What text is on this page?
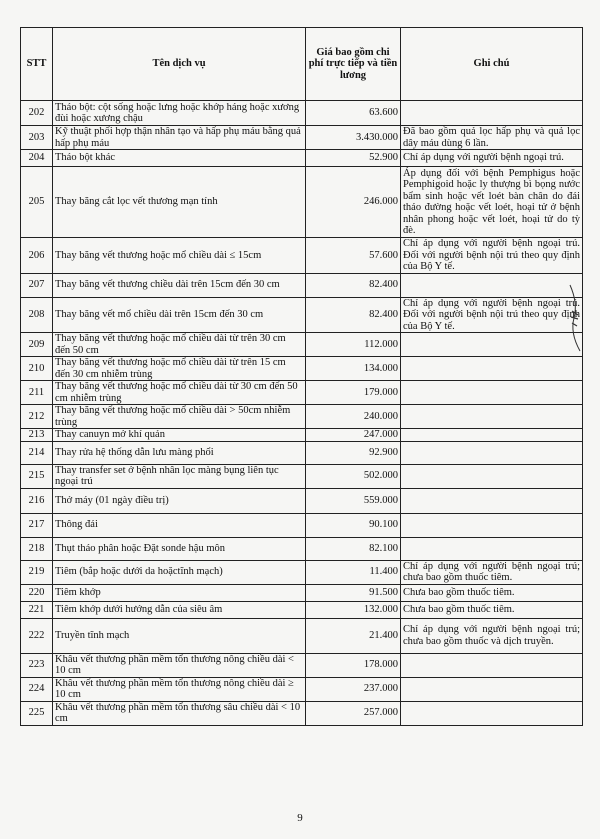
STT	Tên dịch vụ	Giá bao gồm chi phí trực tiếp và tiền lương	Ghi chú
202	Tháo bột: cột sống hoặc lưng hoặc khớp háng hoặc xương đùi hoặc xương chậu	63.600	
203	Kỹ thuật phối hợp thận nhân tạo và hấp phụ máu bằng quả hấp phụ máu	3.430.000	Đã bao gồm quả lọc hấp phụ và quả lọc dây máu dùng 6 lần.
204	Tháo bột khác	52.900	Chỉ áp dụng với người bệnh ngoại trú.
205	Thay băng cắt lọc vết thương mạn tính	246.000	Áp dụng đối với bệnh Pemphigus hoặc Pemphigoid hoặc ly thượng bì bọng nước bẩm sinh hoặc vết loét bàn chân do đái tháo đường hoặc vết loét, hoại tử ở bệnh nhân phong hoặc vết loét, hoại tử do tỳ đè.
206	Thay băng vết thương hoặc mổ chiều dài ≤ 15cm	57.600	Chỉ áp dụng với người bệnh ngoại trú. Đối với người bệnh nội trú theo quy định của Bộ Y tế.
207	Thay băng vết thương chiều dài trên 15cm đến 30 cm	82.400	
208	Thay băng vết mổ chiều dài trên 15cm đến 30 cm	82.400	Chỉ áp dụng với người bệnh ngoại trú. Đối với người bệnh nội trú theo quy định của Bộ Y tế.
209	Thay băng vết thương hoặc mổ chiều dài từ trên 30 cm đến 50 cm	112.000	
210	Thay băng vết thương hoặc mổ chiều dài từ trên 15 cm đến 30 cm nhiễm trùng	134.000	
211	Thay băng vết thương hoặc mổ chiều dài từ 30 cm đến 50 cm nhiễm trùng	179.000	
212	Thay băng vết thương hoặc mổ chiều dài > 50cm nhiễm trùng	240.000	
213	Thay canuyn mở khí quản	247.000	
214	Thay rửa hệ thống dẫn lưu màng phổi	92.900	
215	Thay transfer set ở bệnh nhân lọc màng bụng liên tục ngoại trú	502.000	
216	Thở máy (01 ngày điều trị)	559.000	
217	Thông đái	90.100	
218	Thụt tháo phân hoặc Đặt sonde hậu môn	82.100	
219	Tiêm (bắp hoặc dưới da hoặctĩnh mạch)	11.400	Chỉ áp dụng với người bệnh ngoại trú; chưa bao gồm thuốc tiêm.
220	Tiêm khớp	91.500	Chưa bao gồm thuốc tiêm.
221	Tiêm khớp dưới hướng dẫn của siêu âm	132.000	Chưa bao gồm thuốc tiêm.
222	Truyền tĩnh mạch	21.400	Chỉ áp dụng với người bệnh ngoại trú; chưa bao gồm thuốc và dịch truyền.
223	Khâu vết thương phần mềm tổn thương nông chiều dài < 10 cm	178.000	
224	Khâu vết thương phần mềm tổn thương nông chiều dài ≥ 10 cm	237.000	
225	Khâu vết thương phần mềm tổn thương sâu chiều dài < 10 cm	257.000	
9
